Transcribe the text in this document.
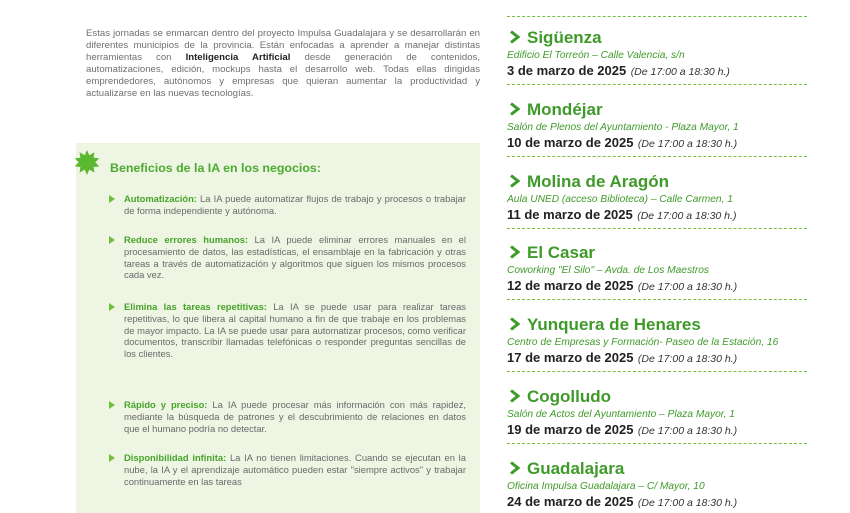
Estas jornadas se enmarcan dentro del proyecto Impulsa Guadalajara y se desarrollarán en diferentes municipios de la provincia. Están enfocadas a aprender a manejar distintas herramientas con Inteligencia Artificial desde generación de contenidos, automatizaciones, edición, mockups hasta el desarrollo web. Todas ellas dirigidas emprendedores, autónomos y empresas que quieran aumentar la productividad y actualizarse en las nuevas tecnologías.
Beneficios de la IA en los negocios:
Automatización: La IA puede automatizar flujos de trabajo y procesos o trabajar de forma independiente y autónoma.
Reduce errores humanos: La IA puede eliminar errores manuales en el procesamiento de datos, las estadísticas, el ensamblaje en la fabricación y otras tareas a través de automatización y algoritmos que siguen los mismos procesos cada vez.
Elimina las tareas repetitivas: La IA se puede usar para realizar tareas repetitivas, lo que libera al capital humano a fin de que trabaje en los problemas de mayor impacto. La IA se puede usar para automatizar procesos, como verificar documentos, transcribir llamadas telefónicas o responder preguntas sencillas de los clientes.
Rápido y preciso: La IA puede procesar más información con más rapidez, mediante la búsqueda de patrones y el descubrimiento de relaciones en datos que el humano podría no detectar.
Disponibilidad infinita: La IA no tienen limitaciones. Cuando se ejecutan en la nube, la IA y el aprendizaje automático pueden estar "siempre activos" y trabajar continuamente en las tareas
Sigüenza
Edificio El Torreón – Calle Valencia, s/n
3 de marzo de 2025 (De 17:00 a 18:30 h.)
Mondéjar
Salón de Plenos del Ayuntamiento - Plaza Mayor, 1
10 de marzo de 2025 (De 17:00 a 18:30 h.)
Molina de Aragón
Aula UNED (acceso Biblioteca) – Calle Carmen, 1
11 de marzo de 2025 (De 17:00 a 18:30 h.)
El Casar
Coworking "El Silo" – Avda. de Los Maestros
12 de marzo de 2025 (De 17:00 a 18:30 h.)
Yunquera de Henares
Centro de Empresas y Formación- Paseo de la Estación, 16
17 de marzo de 2025 (De 17:00 a 18:30 h.)
Cogolludo
Salón de Actos del Ayuntamiento – Plaza Mayor, 1
19 de marzo de 2025 (De 17:00 a 18:30 h.)
Guadalajara
Oficina Impulsa Guadalajara – C/ Mayor, 10
24 de marzo de 2025 (De 17:00 a 18:30 h.)
